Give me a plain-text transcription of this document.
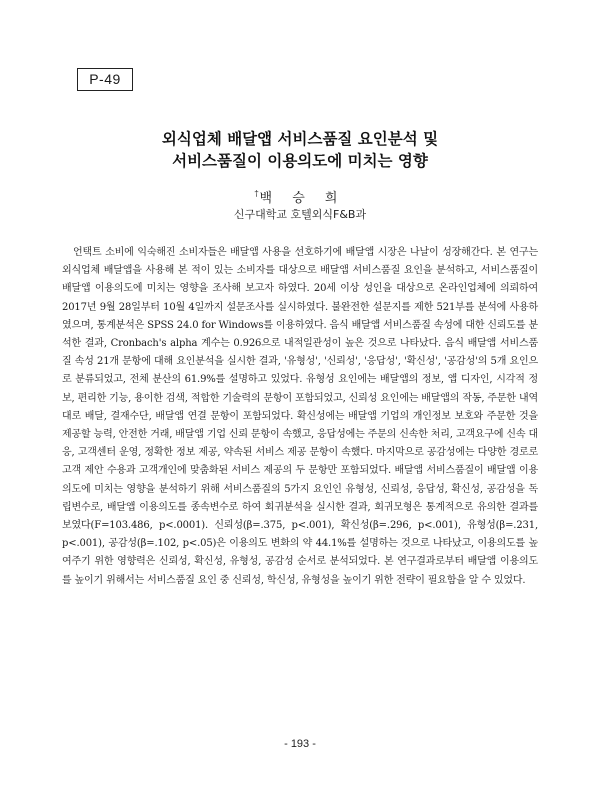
P-49
외식업체 배달앱 서비스품질 요인분석 및
서비스품질이 이용의도에 미치는 영향
†백 승 희
신구대학교 호텔외식F&B과

언택트 소비에 익숙해진 소비자들은 배달앱 사용을 선호하기에 배달앱 시장은 나날이 성장해간다. 본 연구는 외식업체 배달앱을 사용해 본 적이 있는 소비자를 대상으로 배달앱 서비스품질 요인을 분석하고, 서비스품질이 배달앱 이용의도에 미치는 영향을 조사해 보고자 하였다. 20세 이상 성인을 대상으로 온라인업체에 의뢰하여 2017년 9월 28일부터 10월 4일까지 설문조사를 실시하였다. 불완전한 설문지를 제한 521부를 분석에 사용하였으며, 통계분석은 SPSS 24.0 for Windows를 이용하였다. 음식 배달앱 서비스품질 속성에 대한 신뢰도를 분석한 결과, Cronbach's alpha 계수는 0.926으로 내적일관성이 높은 것으로 나타났다. 음식 배달앱 서비스품질 속성 21개 문항에 대해 요인분석을 실시한 결과, '유형성', '신뢰성', '응답성', '확신성', '공감성'의 5개 요인으로 분류되었고, 전체 분산의 61.9%를 설명하고 있었다. 유형성 요인에는 배달앱의 정보, 앱 디자인, 시각적 정보, 편리한 기능, 용이한 검색, 적합한 기술력의 문항이 포함되었고, 신뢰성 요인에는 배달앱의 작동, 주문한 내역대로 배달, 결재수단, 배달앱 연결 문항이 포함되었다. 확신성에는 배달앱 기업의 개인정보 보호와 주문한 것을 제공할 능력, 안전한 거래, 배달앱 기업 신뢰 문항이 속했고, 응답성에는 주문의 신속한 처리, 고객요구에 신속 대응, 고객센터 운영, 정확한 정보 제공, 약속된 서비스 제공 문항이 속했다. 마지막으로 공감성에는 다양한 경로로 고객 제안 수용과 고객개인에 맞춤화된 서비스 제공의 두 문항만 포함되었다. 배달앱 서비스품질이 배달앱 이용의도에 미치는 영향을 분석하기 위해 서비스품질의 5가지 요인인 유형성, 신뢰성, 응답성, 확신성, 공감성을 독립변수로, 배달앱 이용의도를 종속변수로 하여 회귀분석을 실시한 결과, 회귀모형은 통계적으로 유의한 결과를 보였다(F=103.486, p<.0001). 신뢰성(β=.375, p<.001), 확신성(β=.296, p<.001), 유형성(β=.231, p<.001), 공감성(β=.102, p<.05)은 이용의도 변화의 약 44.1%를 설명하는 것으로 나타났고, 이용의도를 높여주기 위한 영향력은 신뢰성, 확신성, 유형성, 공감성 순서로 분석되었다. 본 연구결과로부터 배달앱 이용의도를 높이기 위해서는 서비스품질 요인 중 신뢰성, 학신성, 유형성을 높이기 위한 전략이 필요함을 알 수 있었다.

- 193 -
